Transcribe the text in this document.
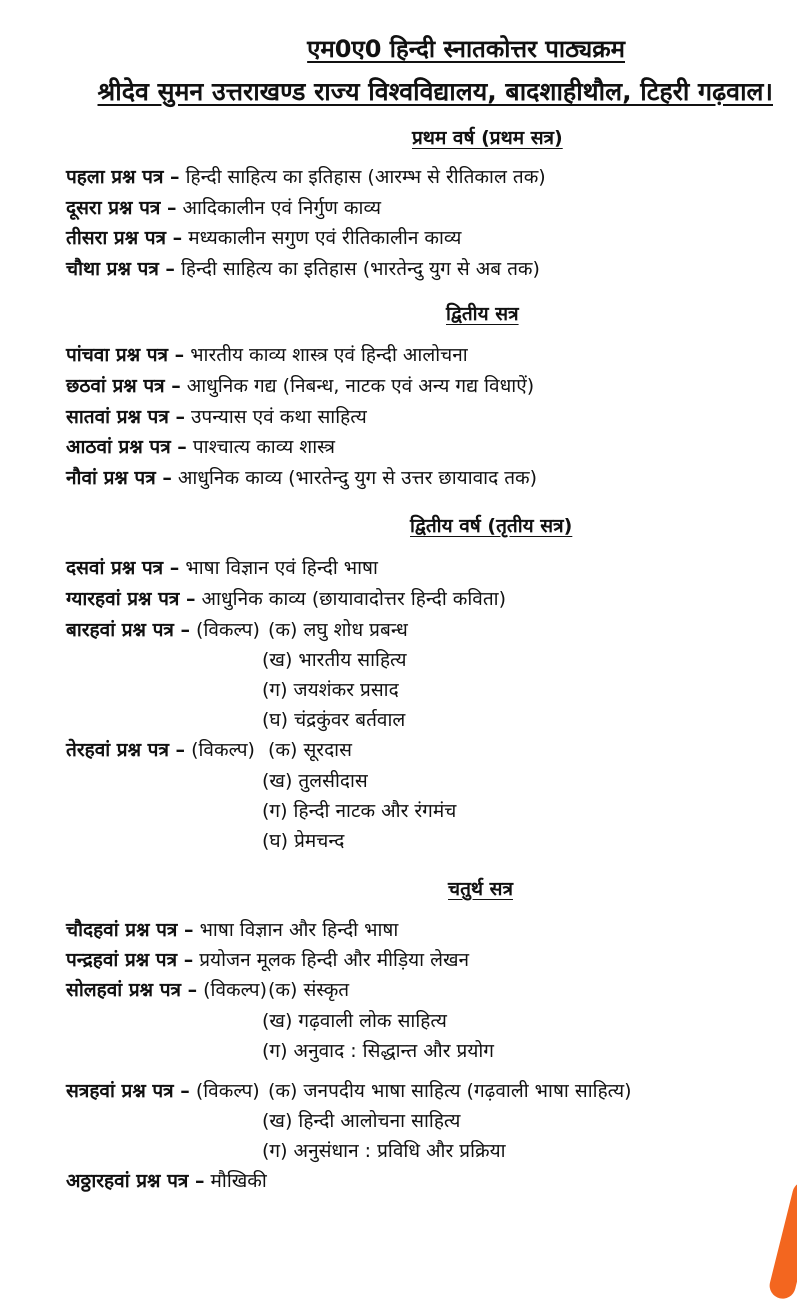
एम0ए0 हिन्दी स्नातकोत्तर पाठ्यक्रम
श्रीदेव सुमन उत्तराखण्ड राज्य विश्वविद्यालय, बादशाहीथौल, टिहरी गढ़वाल।
प्रथम वर्ष (प्रथम सत्र)
पहला प्रश्न पत्र – हिन्दी साहित्य का इतिहास (आरम्भ से रीतिकाल तक)
दूसरा प्रश्न पत्र – आदिकालीन एवं निर्गुण काव्य
तीसरा प्रश्न पत्र – मध्यकालीन सगुण एवं रीतिकालीन काव्य
चौथा प्रश्न पत्र – हिन्दी साहित्य का इतिहास (भारतेन्दु युग से अब तक)
द्वितीय सत्र
पांचवा प्रश्न पत्र – भारतीय काव्य शास्त्र एवं हिन्दी आलोचना
छठवां प्रश्न पत्र – आधुनिक गद्य (निबन्ध, नाटक एवं अन्य गद्य विधाऐं)
सातवां प्रश्न पत्र – उपन्यास एवं कथा साहित्य
आठवां प्रश्न पत्र – पाश्चात्य काव्य शास्त्र
नौवां प्रश्न पत्र – आधुनिक काव्य (भारतेन्दु युग से उत्तर छायावाद तक)
द्वितीय वर्ष (तृतीय सत्र)
दसवां प्रश्न पत्र – भाषा विज्ञान एवं हिन्दी भाषा
ग्यारहवां प्रश्न पत्र – आधुनिक काव्य (छायावादोत्तर हिन्दी कविता)
बारहवां प्रश्न पत्र – (विकल्प) (क) लघु शोध प्रबन्ध
(ख) भारतीय साहित्य
(ग) जयशंकर प्रसाद
(घ) चंद्रकुंवर बर्तवाल
तेरहवां प्रश्न पत्र – (विकल्प) (क) सूरदास
(ख) तुलसीदास
(ग) हिन्दी नाटक और रंगमंच
(घ) प्रेमचन्द
चतुर्थ सत्र
चौदहवां प्रश्न पत्र – भाषा विज्ञान और हिन्दी भाषा
पन्द्रहवां प्रश्न पत्र – प्रयोजन मूलक हिन्दी और मीड़िया लेखन
सोलहवां प्रश्न पत्र – (विकल्प) (क) संस्कृत
(ख) गढ़वाली लोक साहित्य
(ग) अनुवाद : सिद्धान्त और प्रयोग
सत्रहवां प्रश्न पत्र – (विकल्प) (क) जनपदीय भाषा साहित्य (गढ़वाली भाषा साहित्य)
(ख) हिन्दी आलोचना साहित्य
(ग) अनुसंधान : प्रविधि और प्रक्रिया
अठ्ठारहवां प्रश्न पत्र – मौखिकी
